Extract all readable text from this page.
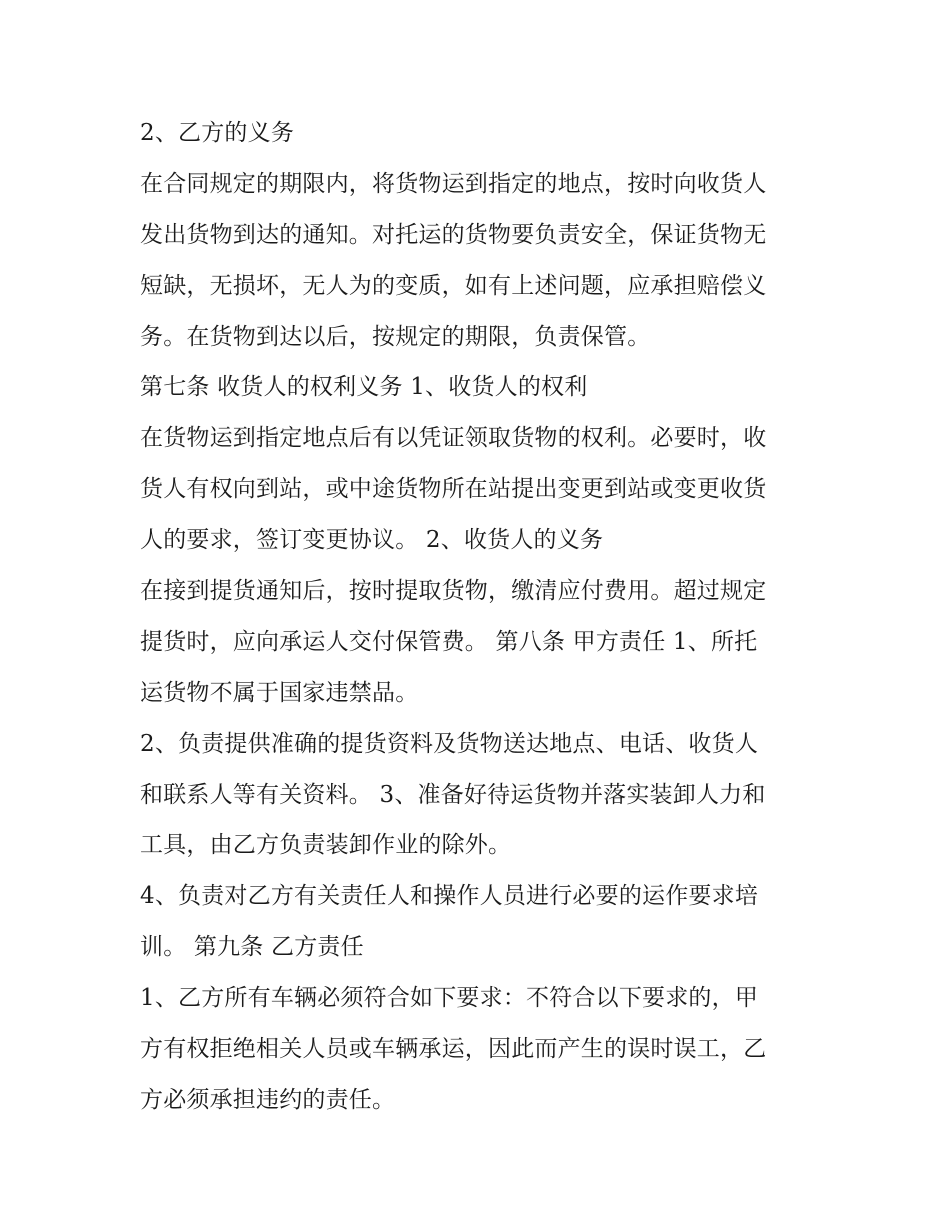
2、乙方的义务
在合同规定的期限内，将货物运到指定的地点，按时向收货人
发出货物到达的通知。对托运的货物要负责安全，保证货物无
短缺，无损坏，无人为的变质，如有上述问题，应承担赔偿义
务。在货物到达以后，按规定的期限，负责保管。
第七条 收货人的权利义务 1、收货人的权利
在货物运到指定地点后有以凭证领取货物的权利。必要时，收
货人有权向到站，或中途货物所在站提出变更到站或变更收货
人的要求，签订变更协议。 2、收货人的义务
在接到提货通知后，按时提取货物，缴清应付费用。超过规定
提货时，应向承运人交付保管费。 第八条 甲方责任 1、所托
运货物不属于国家违禁品。
2、负责提供准确的提货资料及货物送达地点、电话、收货人
和联系人等有关资料。 3、准备好待运货物并落实装卸人力和
工具，由乙方负责装卸作业的除外。
4、负责对乙方有关责任人和操作人员进行必要的运作要求培
训。 第九条 乙方责任
1、乙方所有车辆必须符合如下要求：不符合以下要求的，甲
方有权拒绝相关人员或车辆承运，因此而产生的误时误工，乙
方必须承担违约的责任。
